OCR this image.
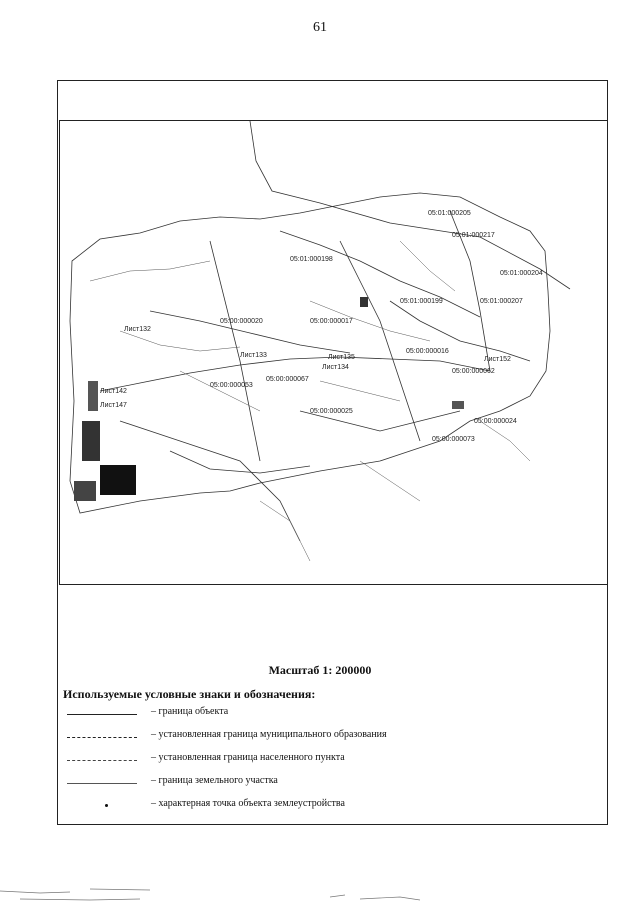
61
05:01:000205
05:01:000217
05:01:000198
05:01:000207
05:01:000204
05:01:000199
05:00:000020	05:00:000017
05:00:000016
05:00:000062
05:00:000067
05:00:000073
05:00:000024
05:00:000025
05:00:000053
Лист132
Лист133
Лист134
Лист135
Лист142
Лист147
Лист152
Масштаб 1: 200000
Используемые условные знаки и обозначения:
– граница объекта
– установленная граница муниципального образования
– установленная граница населенного пункта
– граница земельного участка
– характерная точка объекта землеустройства
